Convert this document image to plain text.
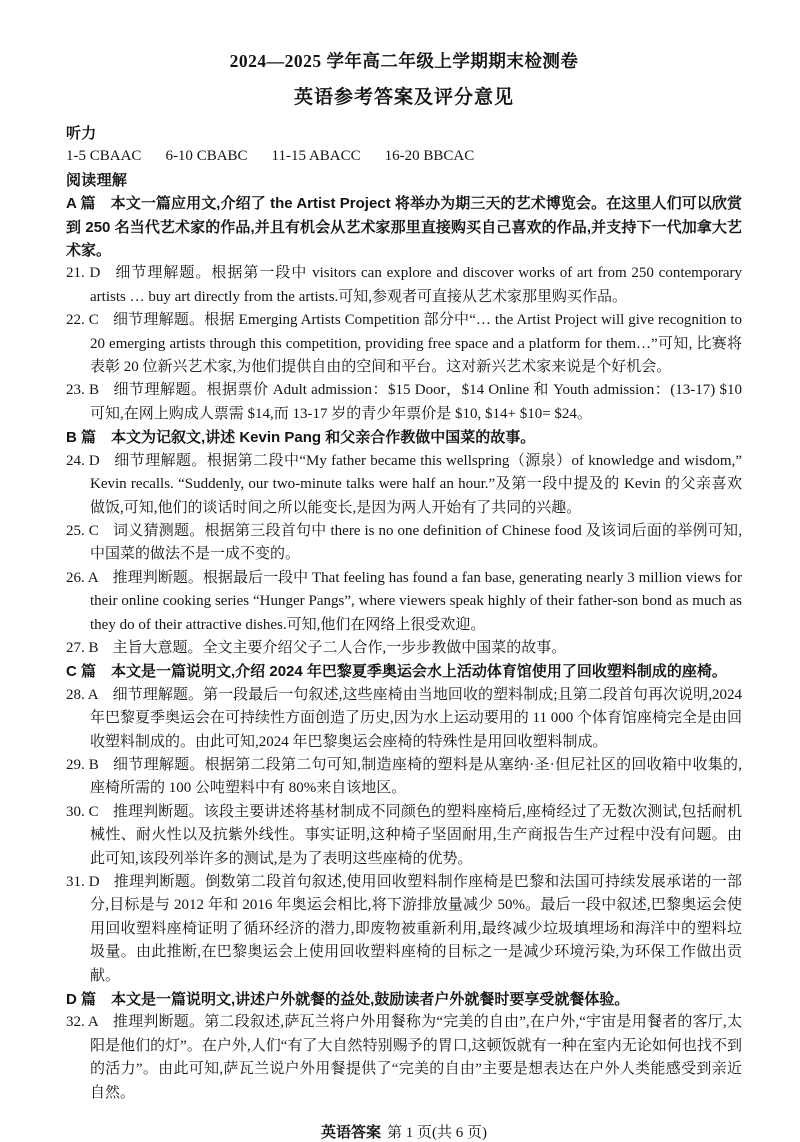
2024—2025 学年高二年级上学期期末检测卷

英语参考答案及评分意见

听力

1-5 CBAAC 6-10 CBABC 11-15 ABACC 16-20 BBCAC

阅读理解

A 篇 本文一篇应用文,介绍了 the Artist Project 将举办为期三天的艺术博览会。在这里人们可以欣赏到 250 名当代艺术家的作品,并且有机会从艺术家那里直接购买自己喜欢的作品,并支持下一代加拿大艺术家。

21. D 细节理解题。根据第一段中 visitors can explore and discover works of art from 250 contemporary artists … buy art directly from the artists.可知,参观者可直接从艺术家那里购买作品。

22. C 细节理解题。根据 Emerging Artists Competition 部分中“… the Artist Project will give recognition to 20 emerging artists through this competition, providing free space and a platform for them…”可知, 比赛将表彰 20 位新兴艺术家,为他们提供自由的空间和平台。这对新兴艺术家来说是个好机会。

23. B 细节理解题。根据票价 Adult admission：$15 Door，$14 Online 和 Youth admission：(13-17) $10 可知,在网上购成人票需 $14,而 13-17 岁的青少年票价是 $10, $14+ $10= $24。

B 篇 本文为记叙文,讲述 Kevin Pang 和父亲合作教做中国菜的故事。

24. D 细节理解题。根据第二段中“My father became this wellspring（源泉）of knowledge and wisdom,” Kevin recalls. “Suddenly, our two-minute talks were half an hour.”及第一段中提及的 Kevin 的父亲喜欢做饭,可知,他们的谈话时间之所以能变长,是因为两人开始有了共同的兴趣。

25. C 词义猜测题。根据第三段首句中 there is no one definition of Chinese food 及该词后面的举例可知,中国菜的做法不是一成不变的。

26. A 推理判断题。根据最后一段中 That feeling has found a fan base, generating nearly 3 million views for their online cooking series “Hunger Pangs”, where viewers speak highly of their father-son bond as much as they do of their attractive dishes.可知,他们在网络上很受欢迎。

27. B 主旨大意题。全文主要介绍父子二人合作,一步步教做中国菜的故事。

C 篇 本文是一篇说明文,介绍 2024 年巴黎夏季奥运会水上活动体育馆使用了回收塑料制成的座椅。

28. A 细节理解题。第一段最后一句叙述,这些座椅由当地回收的塑料制成;且第二段首句再次说明,2024 年巴黎夏季奥运会在可持续性方面创造了历史,因为水上运动要用的 11 000 个体育馆座椅完全是由回收塑料制成的。由此可知,2024 年巴黎奥运会座椅的特殊性是用回收塑料制成。

29. B 细节理解题。根据第二段第二句可知,制造座椅的塑料是从塞纳·圣·但尼社区的回收箱中收集的,座椅所需的 100 公吨塑料中有 80%来自该地区。

30. C 推理判断题。该段主要讲述将基材制成不同颜色的塑料座椅后,座椅经过了无数次测试,包括耐机械性、耐火性以及抗紫外线性。事实证明,这种椅子坚固耐用,生产商报告生产过程中没有问题。由此可知,该段列举许多的测试,是为了表明这些座椅的优势。

31. D 推理判断题。倒数第二段首句叙述,使用回收塑料制作座椅是巴黎和法国可持续发展承诺的一部分,目标是与 2012 年和 2016 年奥运会相比,将下游排放量减少 50%。最后一段中叙述,巴黎奥运会使用回收塑料座椅证明了循环经济的潜力,即废物被重新利用,最终减少垃圾填埋场和海洋中的塑料垃圾量。由此推断,在巴黎奥运会上使用回收塑料座椅的目标之一是减少环境污染,为环保工作做出贡献。

D 篇 本文是一篇说明文,讲述户外就餐的益处,鼓励读者户外就餐时要享受就餐体验。

32. A 推理判断题。第二段叙述,萨瓦兰将户外用餐称为“完美的自由”,在户外,“宇宙是用餐者的客厅,太阳是他们的灯”。在户外,人们“有了大自然特别赐予的胃口,这顿饭就有一种在室内无论如何也找不到的活力”。由此可知,萨瓦兰说户外用餐提供了“完美的自由”主要是想表达在户外人类能感受到亲近自然。

英语答案 第 1 页(共 6 页)
